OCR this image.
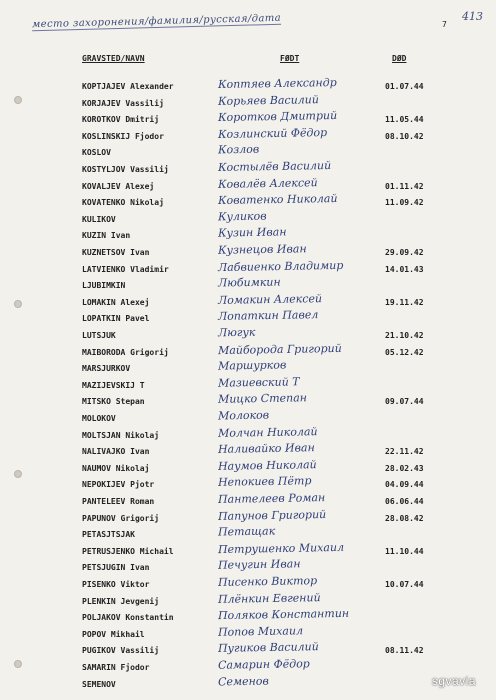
место захоронения/фамилия/русская/дата	7
413
GRAVSTED/NAVN	FØDT	DØD
KOPTJAJEV Alexander	Коптяев Александр	01.07.44
KORJAJEV Vassilij	Корьяев Василий
KOROTKOV Dmitrij	Коротков Дмитрий	11.05.44
KOSLINSKIJ Fjodor	Козлинский Фёдор	08.10.42
KOSLOV	Козлов
KOSTYLJOV Vassilij	Костылёв Василий
KOVALJEV Alexej	Ковалёв Алексей	01.11.42
KOVATENKO Nikolaj	Коватенко Николай	11.09.42
KULIKOV	Куликов
KUZIN Ivan	Кузин Иван
KUZNETSOV Ivan	Кузнецов Иван	29.09.42
LATVIENKO Vladimir	Лабвиенко Владимир	14.01.43
LJUBIMKIN	Любимкин
LOMAKIN Alexej	Ломакин Алексей	19.11.42
LOPATKIN Pavel	Лопаткин Павел
LUTSJUK	Люгук	21.10.42
MAIBORODA Grigorij	Майборода Григорий	05.12.42
MARSJURKOV	Маршурков
MAZIJEVSKIJ T	Мазиевский Т
MITSKO Stepan	Мицко Степан	09.07.44
MOLOKOV	Молоков
MOLTSJAN Nikolaj	Молчан Николай
NALIVAJKO Ivan	Наливайко Иван	22.11.42
NAUMOV Nikolaj	Наумов Николай	28.02.43
NEPOKIJEV Pjotr	Непокиев Пётр	04.09.44
PANTELEEV Roman	Пантелеев Роман	06.06.44
PAPUNOV Grigorij	Папунов Григорий	28.08.42
PETASJTSJAK	Петащак
PETRUSJENKO Michail	Петрушенко Михаил	11.10.44
PETSJUGIN Ivan	Печугин Иван
PISENKO Viktor	Писенко Виктор	10.07.44
PLENKIN Jevgenij	Плёнкин Евгений
POLJAKOV Konstantin	Поляков Константин
POPOV Mikhail	Попов Михаил
PUGIKOV Vassilij	Пугиков Василий	08.11.42
SAMARIN Fjodor	Самарин Фёдор
SEMENOV	Семенов	sgvavia
